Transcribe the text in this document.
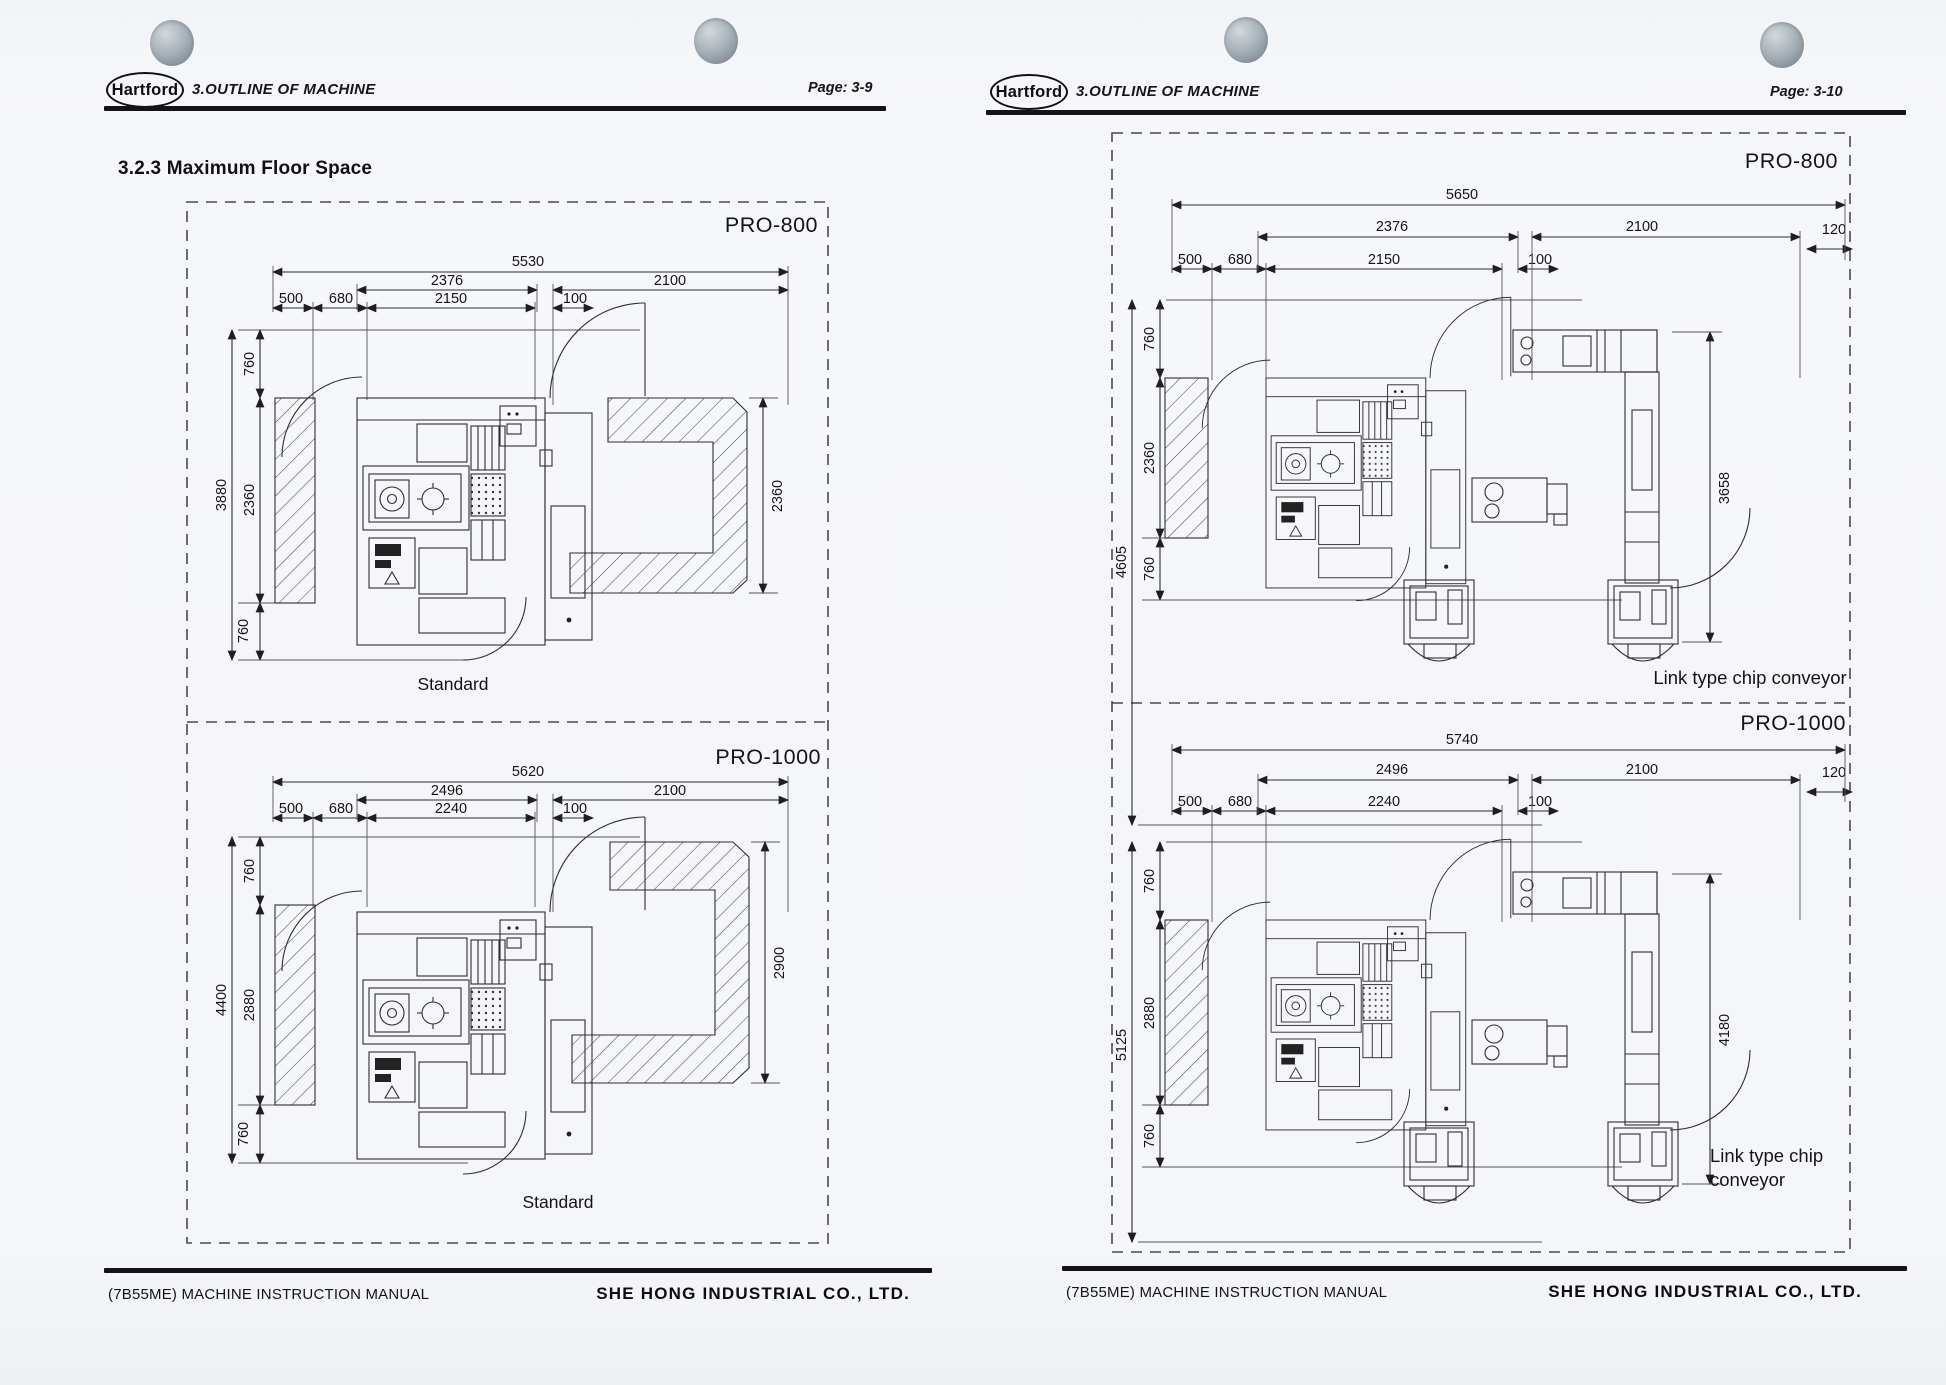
Hartford 3.OUTLINE OF MACHINE	Page: 3-9
3.2.3 Maximum Floor Space
(7B55ME) MACHINE INSTRUCTION MANUAL	SHE HONG INDUSTRIAL CO., LTD.
Hartford 3.OUTLINE OF MACHINE	Page: 3-10
(7B55ME) MACHINE INSTRUCTION MANUAL	SHE HONG INDUSTRIAL CO., LTD.
PRO-800
5530
2376	2100
500 680	2150	100
3880
760
2360
760
2360
Standard
PRO-1000
5620
2496	2100
500 680	2240	100
4400
760
2880
760
2900
Standard
PRO-800
5650
2376	2100	120
500 680	2150	100
4605
760
2360
760
3658
Link type chip conveyor
PRO-1000
5740
2496	2100	120
500 680	2240	100
5125
760
2880
760
4180
Link type chip
conveyor
